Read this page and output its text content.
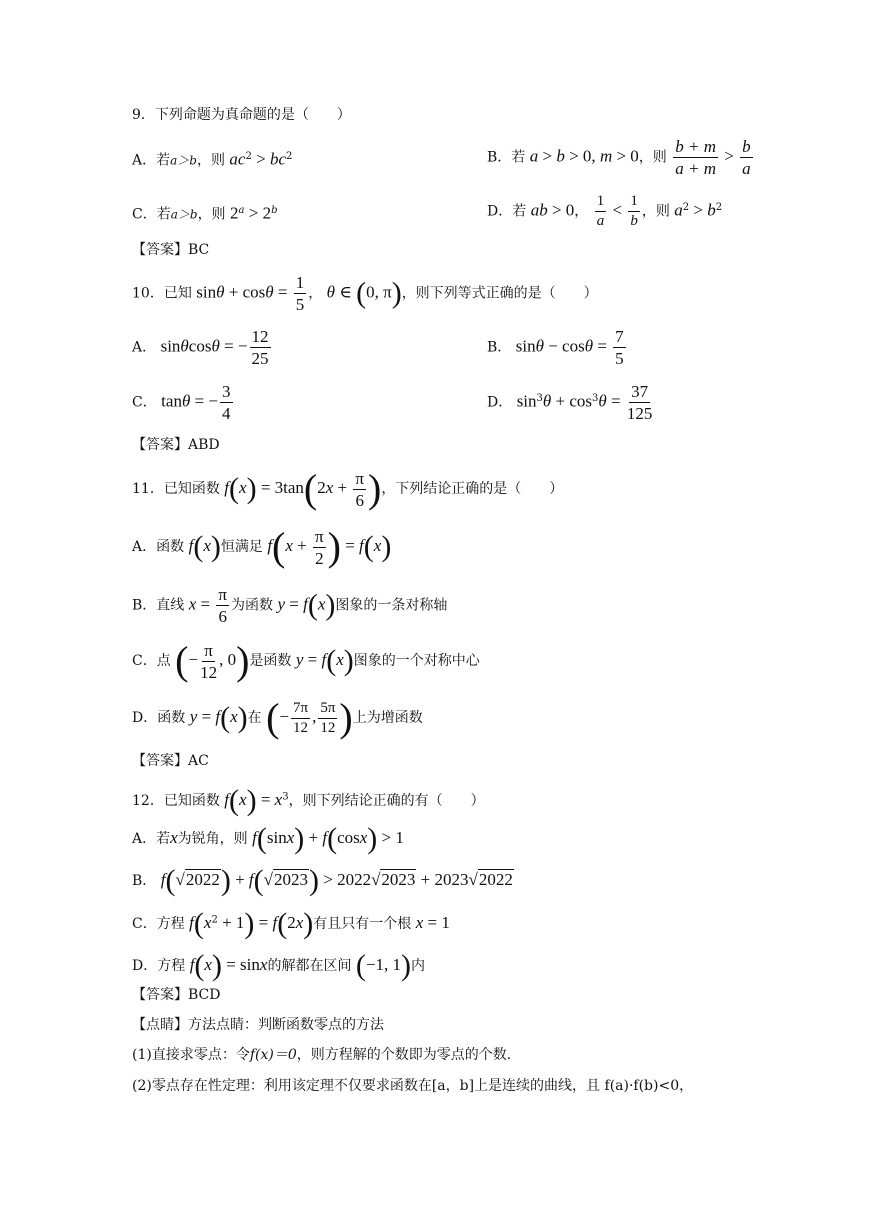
9．下列命题为真命题的是（　　）
A．若a＞b，则 $ac^2 > bc^2$	B．若 a > b > 0, m > 0，则 $\frac{b + m}{a + m} > \frac{b}{a}$
C．若a＞b，则 $2^a > 2^b$	D．若 ab > 0， $\frac{1}{a} < \frac{1}{b}$ ，则 $a^2 > b^2$
【答案】BC
10．已知 $\sin\theta + \cos\theta = \frac{1}{5}$ ， θ ∈ (0, π)，则下列等式正确的是（　　）
A． sinθcosθ = − $\frac{12}{25}$	B． $\sin\theta - \cos\theta = \frac{7}{5}$
C． tanθ = − $\frac{3}{4}$	D． $\sin^3\theta + \cos^3\theta = \frac{37}{125}$
【答案】ABD
11．已知函数 $f(x) = 3\tan(2x + \frac{\pi}{6}$ )，下列结论正确的是（　　）
A．函数 f(x)恒满足 $f(x + \frac{\pi}{2}$ ) = f(x)
B．直线 $x = \frac{\pi}{6}$ 为函数 y = f(x)图象的一条对称轴
C．点 (− $\frac{\pi}{12}$ , 0)是函数 y = f(x)图象的一个对称中心
D．函数 y = f(x)在 (− $\frac{7\pi}{12}$ , $\frac{5\pi}{12}$ )上为增函数
【答案】AC
12．已知函数 $f(x) = x^3$，则下列结论正确的有（　　）
A．若x为锐角，则 f(sinx) + f(cosx) > 1
B． f(√2022) + f(√2023) > 2022√2023 + 2023√2022
C．方程 $f(x^2 + 1) = f(2x)$有且只有一个根 x = 1
D．方程 f(x) = sinx的解都在区间 (−1, 1)内
【答案】BCD
【点睛】方法点睛：判断函数零点的方法
(1)直接求零点：令f(x)＝0，则方程解的个数即为零点的个数．
(2)零点存在性定理：利用该定理不仅要求函数在[a，b]上是连续的曲线，且 f(a)·f(b)<0，
